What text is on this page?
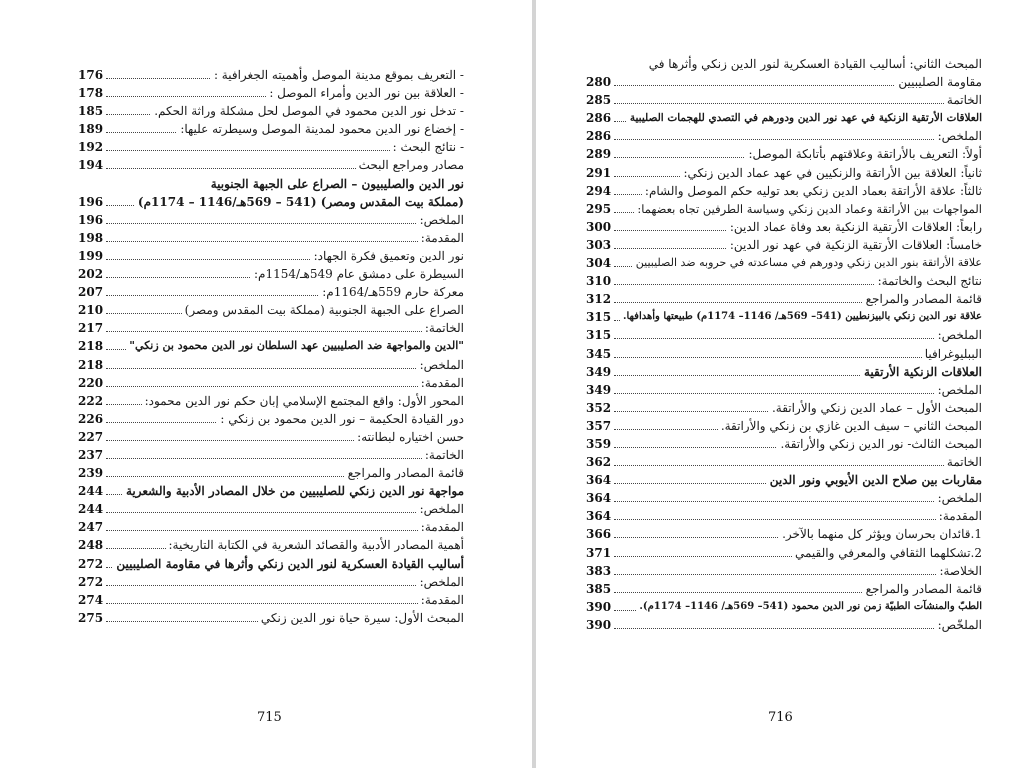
- التعريف بموقع مدينة الموصل وأهميته الجغرافية :
176
- العلاقة بين نور الدين وأمراء الموصل :
178
- تدخل نور الدين محمود في الموصل لحل مشكلة وراثة الحكم.
185
- إخضاع نور الدين محمود لمدينة الموصل وسيطرته عليها:
189
- نتائج البحث :
192
مصادر ومراجع البحث
194
نور الدين والصليبيون – الصراع على الجبهة الجنوبية
(مملكة بيت المقدس ومصر) (541 – 569هـ/1146 – 1174م)
196
الملخص:
196
المقدمة:
198
نور الدين وتعميق فكرة الجهاد:
199
السيطرة على دمشق عام 549هـ/1154م:
202
معركة حارم 559هـ/1164م:
207
الصراع على الجبهة الجنوبية (مملكة بيت المقدس ومصر)
210
الخاتمة:
217
"الدين والمواجهة ضد الصليبيين عهد السلطان نور الدين محمود بن زنكي"
218
الملخص:
218
المقدمة:
220
المحور الأول: واقع المجتمع الإسلامي إبان حكم نور الدين محمود:
222
دور القيادة الحكيمة – نور الدين محمود بن زنكي :
226
حسن اختياره لبطانته:
227
الخاتمة:
237
قائمة المصادر والمراجع
239
مواجهة نور الدين زنكي للصليبيين من خلال المصادر الأدبية والشعرية
244
الملخص:
244
المقدمة:
247
أهمية المصادر الأدبية والقصائد الشعرية في الكتابة التاريخية:
248
أساليب القيادة العسكرية لنور الدين زنكي وأثرها في مقاومة الصليبيين
272
الملخص:
272
المقدمة:
274
المبحث الأول: سيرة حياة نور الدين زنكي
275
715
المبحث الثاني: أساليب القيادة العسكرية لنور الدين زنكي وأثرها في
مقاومة الصليبيين
280
الخاتمة
285
العلاقات الأرتقية الزنكية في عهد نور الدين ودورهم في التصدي للهجمات الصليبية
286
الملخص:
286
أولاً: التعريف بالأراتقة وعلاقتهم بأتابكة الموصل:
289
ثانياً: العلاقة بين الأراتقة والزنكيين في عهد عماد الدين زنكي:
291
ثالثاً: علاقة الأراتقة بعماد الدين زنكي بعد توليه حكم الموصل والشام:
294
المواجهات بين الأراتقة وعماد الدين زنكي وسياسة الطرفين تجاه بعضهما:
295
رابعاً: العلاقات الأرتقية الزنكية بعد وفاة عماد الدين:
300
خامساً: العلاقات الأرتقية الزنكية في عهد نور الدين:
303
علاقة الأراتقة بنور الدين زنكي ودورهم في مساعدته في حروبه ضد الصليبيين
304
نتائج البحث والخاتمة:
310
قائمة المصادر والمراجع
312
علاقة نور الدين زنكي بالبيزنطيين (541– 569هـ/ 1146– 1174م) طبيعتها وأهدافها.
315
الملخص:
315
الببليوغرافيا
345
العلاقات الزنكية الأرتقية
349
الملخص:
349
المبحث الأول – عماد الدين زنكي والأراتقة.
352
المبحث الثاني – سيف الدين غازي بن زنكي والأراتقة.
357
المبحث الثالث- نور الدين زنكي والأراتقة.
359
الخاتمة
362
مقاربات بين صلاح الدين الأيوبي ونور الدين
364
الملخص:
364
المقدمة:
364
1.قائدان بحرسان ويؤثر كل منهما بالآخر.
366
2.تشكلهما الثقافي والمعرفي والقيمي
371
الخلاصة:
383
قائمة المصادر والمراجع
385
الطبّ والمنشآت الطبيّة زمن نور الدين محمود (541– 569هـ/ 1146– 1174م).
390
الملخّص:
390
716
